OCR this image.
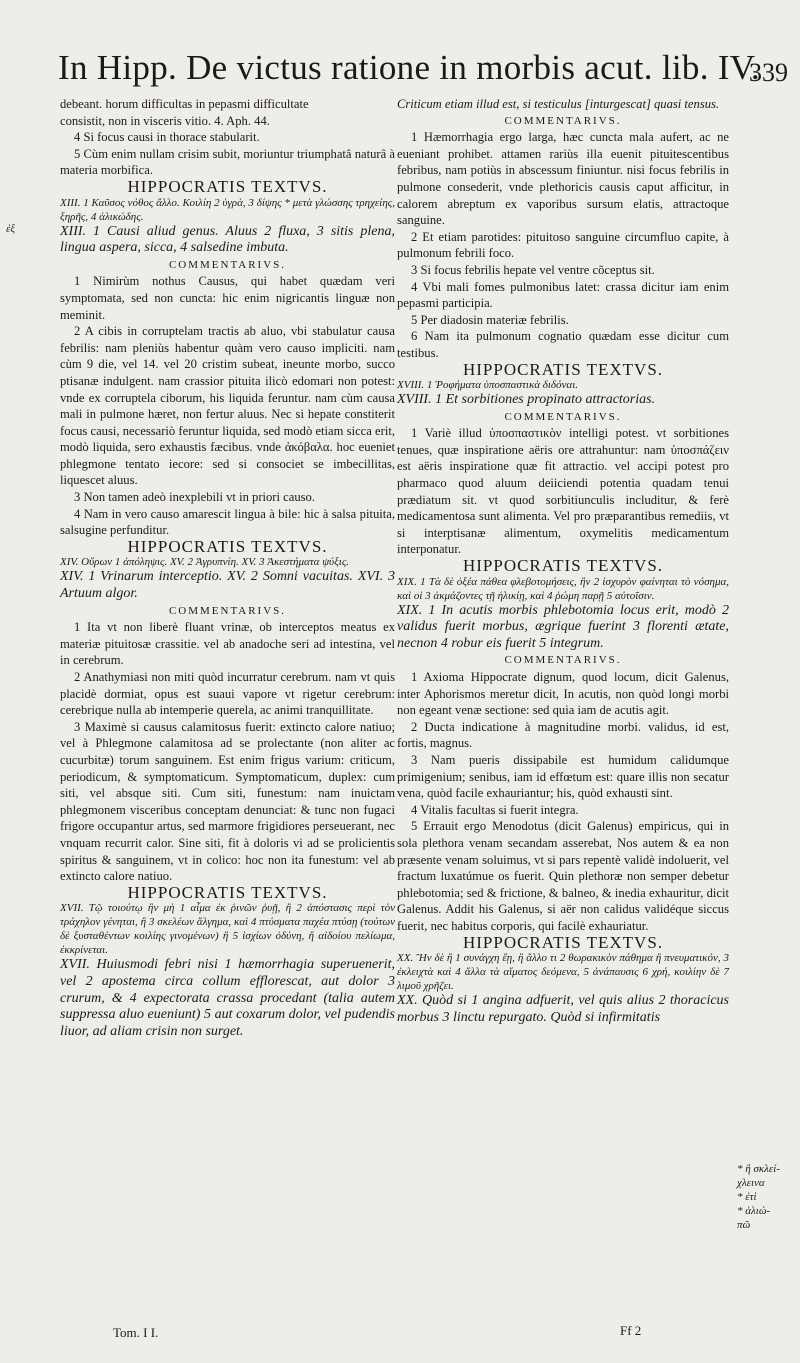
In Hipp. De victus ratione in morbis acut. lib. IV.
339
ἐξ

debeant. horum difficultas in pepasmi difficultate

consistit, non in visceris vitio. 4. Aph. 44.

4 Si focus causi in thorace stabularit.

5 Cùm enim nullam crisim subit, moriuntur triumphatâ naturâ à materia morbifica.

HIPPOCRATIS TEXTVS.

XIII. 1 Καῦσος νόθος ἄλλο. Κοιλίη 2 ὑγρὰ, 3 δίψης * μετὰ γλώσσης τρηχείης, ξηρῆς, 4 ἁλικώδης.

XIII. 1 Causi aliud genus. Aluus 2 fluxa, 3 sitis plena, lingua aspera, sicca, 4 salsedine imbuta.

COMMENTARIVS.

1 Nimirùm nothus Causus, qui habet quædam veri symptomata, sed non cuncta: hic enim nigricantis linguæ non meminit.

2 A cibis in corruptelam tractis ab aluo, vbi stabulatur causa febrilis: nam pleniùs habentur quàm vero causo impliciti. nam cùm 9 die, vel 14. vel 20 cristim subeat, ineunte morbo, succo ptisanæ indulgent. nam crassior pituita ilicò edomari non potest: vnde ex corruptela ciborum, his liquida feruntur. nam cùm causa mali in pulmone hæret, non fertur aluus. Nec si hepate constiterit focus causi, necessariò feruntur liquida, sed modò etiam sicca erit, modò liquida, sero exhaustis fæcibus. vnde ἀκόβαλα. hoc eueniet phlegmone tentato iecore: sed si consociet se imbecillitas, liquescet aluus.

3 Non tamen adeò inexplebili vt in priori causo.

4 Nam in vero causo amarescit lingua à bile: hic à salsa pituita, salsugine perfunditur.

HIPPOCRATIS TEXTVS.

XIV. Οὔρων 1 ἀπόληψις. XV. 2 Ἀγρυπνίη. XV. 3 Ἀκεστήματα ψύξις.

XIV. 1 Vrinarum interceptio. XV. 2 Somni vacuitas. XVI. 3 Artuum algor.

COMMENTARIVS.

1 Ita vt non liberè fluant vrinæ, ob interceptos meatus ex materiæ pituitosæ crassitie. vel ab anadoche seri ad intestina, vel in cerebrum.

2 Anathymiasi non miti quòd incurratur cerebrum. nam vt quis placidè dormiat, opus est suaui vapore vt rigetur cerebrum: cerebrique nulla ab intemperie querela, ac animi tranquillitate.

3 Maximè si causus calamitosus fuerit: extincto calore natiuo; vel à Phlegmone calamitosa ad se prolectante (non aliter ac cucurbitæ) torum sanguinem. Est enim frigus varium: criticum, periodicum, & symptomaticum. Symptomaticum, duplex: cum siti, vel absque siti. Cum siti, funestum: nam inuictam phlegmonem visceribus conceptam denunciat: & tunc non fugaci frigore occupantur artus, sed marmore frigidiores perseuerant, nec vnquam recurrit calor. Sine siti, fit à doloris vi ad se prolicientis spiritus & sanguinem, vt in colico: hoc non ita funestum: vel ab extincto calore natiuo.

HIPPOCRATIS TEXTVS.

XVII. Τῷ τοιούτῳ ἢν μὴ 1 αἷμα ἐκ ῥινῶν ῥυῇ, ἢ 2 ἀπόστασις περὶ τὸν τράχηλον γένηται, ἢ 3 σκελέων ἄλγημα, καὶ 4 πτύσματα παχέα πτύσῃ (τούτων δὲ ξυσταθέντων κοιλίης γινομένων) ἢ 5 ἰσχίων ὀδύνη, ἢ αἰδοίου πελίωμα, ἐκκρίνεται.

XVII. Huiusmodi febri nisi 1 hæmorrhagia superuenerit, vel 2 apostema circa collum efflorescat, aut dolor 3 crurum, & 4 expectorata crassa procedant (talia autem suppressa aluo eueniunt) 5 aut coxarum dolor, vel pudendis liuor, ad aliam crisin non surget.

Criticum etiam illud est, si testiculus [inturgescat] quasi tensus.

COMMENTARIVS.

1 Hæmorrhagia ergo larga, hæc cuncta mala aufert, ac ne eueniant prohibet. attamen rariùs illa euenit pituitescentibus febribus, nam potiùs in abscessum finiuntur. nisi focus febrilis in pulmone consederit, vnde plethoricis causis caput afficitur, in calorem abreptum ex vaporibus sursum elatis, attractoque sanguine.

2 Et etiam parotides: pituitoso sanguine circumfluo capite, à pulmonum febrili foco.

3 Si focus febrilis hepate vel ventre cõceptus sit.

4 Vbi mali fomes pulmonibus latet: crassa dicitur iam enim pepasmi participia.

5 Per diadosin materiæ febrilis.

6 Nam ita pulmonum cognatio quædam esse dicitur cum testibus.

HIPPOCRATIS TEXTVS.

XVIII. 1 Ῥοφήματα ὑποσπαστικὰ διδόναι.

XVIII. 1 Et sorbitiones propinato attractorias.

COMMENTARIVS.

1 Variè illud ὑποσπαστικὸν intelligi potest. vt sorbitiones tenues, quæ inspiratione aëris ore attrahuntur: nam ὑποσπάζειν est aëris inspiratione quæ fit attractio. vel accipi potest pro pharmaco quod aluum deiiciendi potentia quadam tenui prædiatum sit. vt quod sorbitiunculis includitur, & ferè medicamentosa sunt alimenta. Vel pro præparantibus remediis, vt si interptisanæ alimentum, oxymelitis medicamentum interponatur.

HIPPOCRATIS TEXTVS.

XIX. 1 Τὰ δὲ ὀξέα πάθεα φλεβοτομήσεις, ἢν 2 ἰσχυρὸν φαίνηται τὸ νόσημα, καὶ οἱ 3 ἀκμάζοντες τῇ ἡλικίῃ, καὶ 4 ῥώμη παρῇ 5 αὐτοῖσιν.

XIX. 1 In acutis morbis phlebotomia locus erit, modò 2 validus fuerit morbus, ægrique fuerint 3 florenti ætate, necnon 4 robur eis fuerit 5 integrum.

COMMENTARIVS.

1 Axioma Hippocrate dignum, quod locum, dicit Galenus, inter Aphorismos meretur dicit, In acutis, non quòd longi morbi non egeant venæ sectione: sed quia iam de acutis agit.

2 Ducta indicatione à magnitudine morbi. validus, id est, fortis, magnus.

3 Nam pueris dissipabile est humidum calidumque primigenium; senibus, iam id effœtum est: quare illis non secatur vena, quòd facile exhauriantur; his, quòd exhausti sint.

4 Vitalis facultas si fuerit integra.

5 Errauit ergo Menodotus (dicit Galenus) empiricus, qui in sola plethora venam secandam asserebat, Nos autem & ea non præsente venam soluimus, vt si pars repentè validè indoluerit, vel fractum luxatúmue os fuerit. Quin plethoræ non semper debetur phlebotomia; sed & frictione, & balneo, & inedia exhauritur, dicit Galenus. Addit his Galenus, si aër non calidus validéque siccus fuerit, nec habitus corporis, qui facilè exhauriatur.

HIPPOCRATIS TEXTVS.

XX. Ἢν δὲ ἢ 1 συνάγχη ἔῃ, ἢ ἄλλο τι 2 θωρακικὸν πάθημα ἢ πνευματικόν, 3 ἐκλειχτὰ καὶ 4 ἄλλα τὰ αἵματος δεόμενα, 5 ἀνάπαυσις 6 χρή, κοιλίην δὲ 7 λιμοῦ χρῆζει.

XX. Quòd si 1 angina adfuerit, vel quis alius 2 thoracicus morbus 3 linctu repurgato. Quòd si infirmitatis

* ἢ σκλεί-
χλεινα
* ἐτὶ
* ἁλιώ-
πῶ
Tom. I I.	Ff 2
